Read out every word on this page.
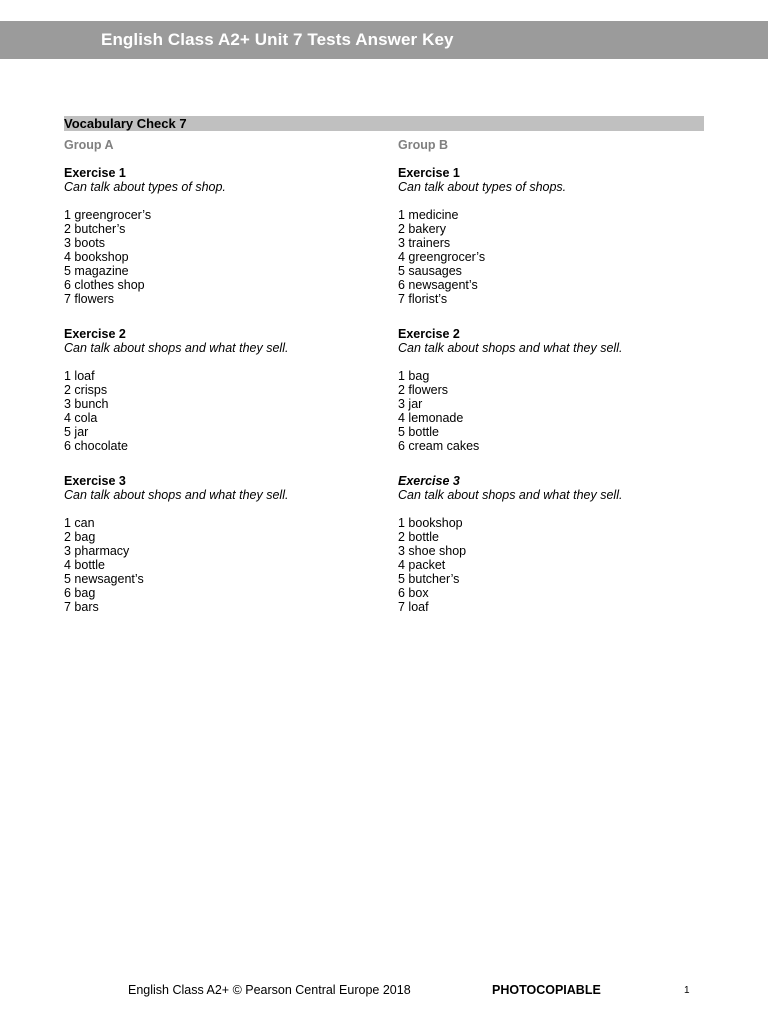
English Class A2+ Unit 7 Tests Answer Key
Vocabulary Check 7
Group A
Exercise 1
Can talk about types of shop.
1 greengrocer’s
2 butcher’s
3 boots
4 bookshop
5 magazine
6 clothes shop
7 flowers
Exercise 2
Can talk about shops and what they sell.
1 loaf
2 crisps
3 bunch
4 cola
5 jar
6 chocolate
Exercise 3
Can talk about shops and what they sell.
1 can
2 bag
3 pharmacy
4 bottle
5 newsagent’s
6 bag
7 bars
Group B
Exercise 1
Can talk about types of shops.
1 medicine
2 bakery
3 trainers
4 greengrocer’s
5 sausages
6 newsagent’s
7 florist’s
Exercise 2
Can talk about shops and what they sell.
1 bag
2 flowers
3 jar
4 lemonade
5 bottle
6 cream cakes
Exercise 3
Can talk about shops and what they sell.
1 bookshop
2 bottle
3 shoe shop
4 packet
5 butcher’s
6 box
7 loaf
English Class A2+ © Pearson Central Europe 2018	PHOTOCOPIABLE	1
